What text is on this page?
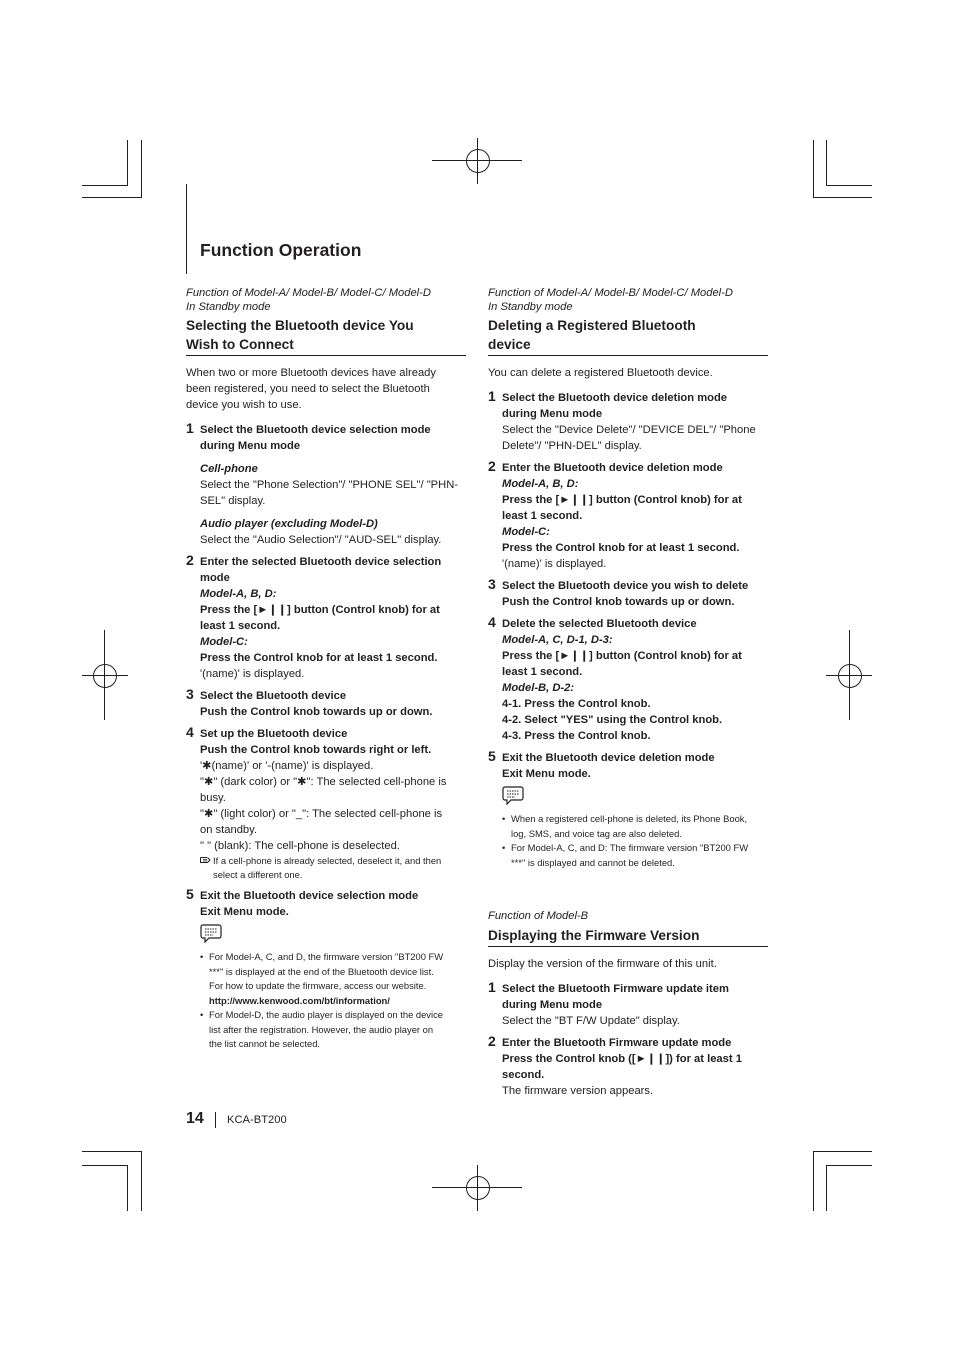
Function Operation
Function of Model-A/ Model-B/ Model-C/ Model-D
In Standby mode
Selecting the Bluetooth device You
Wish to Connect
When two or more Bluetooth devices have already
been registered, you need to select the Bluetooth
device you wish to use.
1 Select the Bluetooth device selection mode
during Menu mode
Cell-phone
Select the "Phone Selection"/ "PHONE SEL"/ "PHN-
SEL" display.
Audio player (excluding Model-D)
Select the "Audio Selection"/ "AUD-SEL" display.
2 Enter the selected Bluetooth device selection
mode
Model-A, B, D:
Press the [►❙❙] button (Control knob) for at
least 1 second.
Model-C:
Press the Control knob for at least 1 second.
'(name)' is displayed.
3 Select the Bluetooth device
Push the Control knob towards up or down.
4 Set up the Bluetooth device
Push the Control knob towards right or left.
'✱(name)' or '-(name)' is displayed.
"✱" (dark color) or "✱": The selected cell-phone is
busy.
"✱" (light color) or "_": The selected cell-phone is
on standby.
" " (blank): The cell-phone is deselected.
If a cell-phone is already selected, deselect it, and then
select a different one.
5 Exit the Bluetooth device selection mode
Exit Menu mode.
• For Model-A, C, and D, the firmware version "BT200 FW
***" is displayed at the end of the Bluetooth device list.
For how to update the firmware, access our website.
http://www.kenwood.com/bt/information/
• For Model-D, the audio player is displayed on the device
list after the registration. However, the audio player on
the list cannot be selected.
Function of Model-A/ Model-B/ Model-C/ Model-D
In Standby mode
Deleting a Registered Bluetooth
device
You can delete a registered Bluetooth device.
1 Select the Bluetooth device deletion mode
during Menu mode
Select the "Device Delete"/ "DEVICE DEL"/ "Phone
Delete"/ "PHN-DEL" display.
2 Enter the Bluetooth device deletion mode
Model-A, B, D:
Press the [►❙❙] button (Control knob) for at
least 1 second.
Model-C:
Press the Control knob for at least 1 second.
'(name)' is displayed.
3 Select the Bluetooth device you wish to delete
Push the Control knob towards up or down.
4 Delete the selected Bluetooth device
Model-A, C, D-1, D-3:
Press the [►❙❙] button (Control knob) for at
least 1 second.
Model-B, D-2:
4-1. Press the Control knob.
4-2. Select "YES" using the Control knob.
4-3. Press the Control knob.
5 Exit the Bluetooth device deletion mode
Exit Menu mode.
• When a registered cell-phone is deleted, its Phone Book,
log, SMS, and voice tag are also deleted.
• For Model-A, C, and D: The firmware version "BT200 FW
***" is displayed and cannot be deleted.
Function of Model-B
Displaying the Firmware Version
Display the version of the firmware of this unit.
1 Select the Bluetooth Firmware update item
during Menu mode
Select the "BT F/W Update" display.
2 Enter the Bluetooth Firmware update mode
Press the Control knob ([►❙❙]) for at least 1
second.
The firmware version appears.
14 KCA-BT200
